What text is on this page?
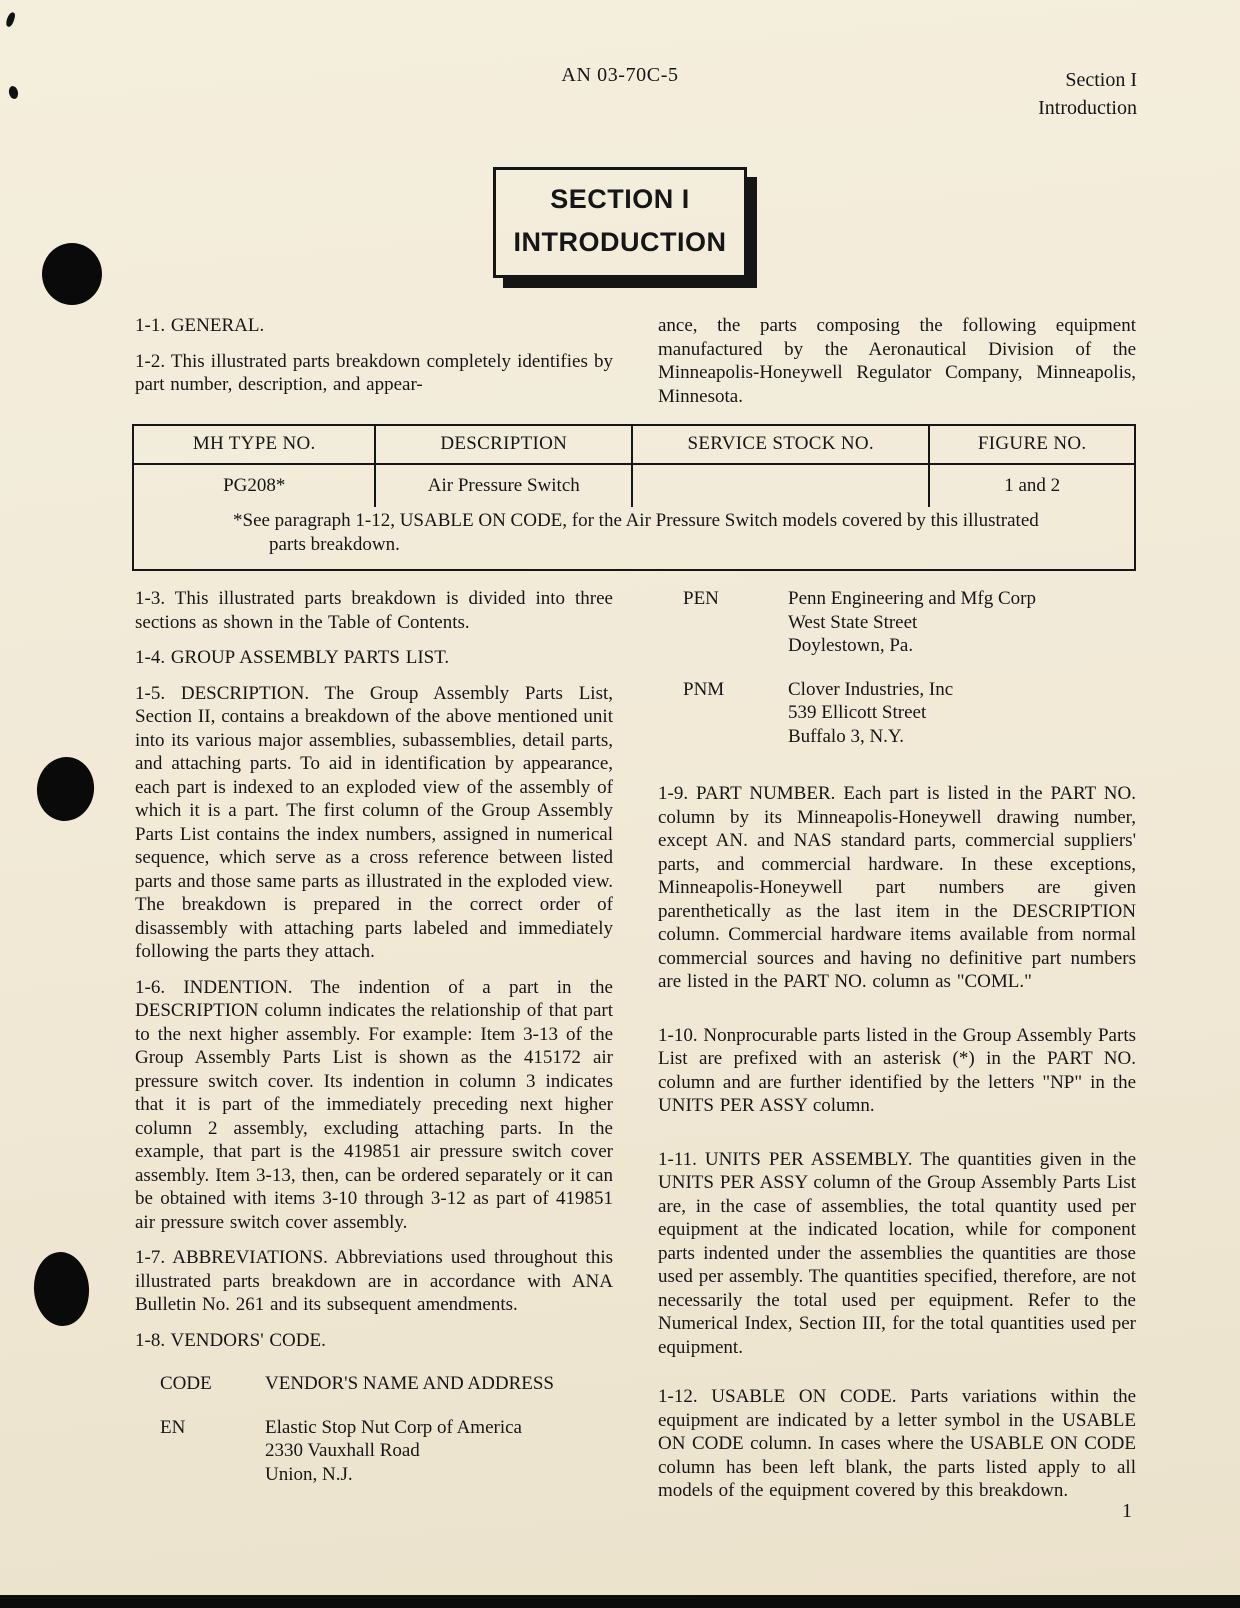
AN 03-70C-5	Section I
Introduction
SECTION I
INTRODUCTION
1-1. GENERAL.
1-2. This illustrated parts breakdown completely identifies by part number, description, and appear-
ance, the parts composing the following equipment manufactured by the Aeronautical Division of the Minneapolis-Honeywell Regulator Company, Minneapolis, Minnesota.
MH TYPE NO.	DESCRIPTION	SERVICE STOCK NO.	FIGURE NO.
PG208*	Air Pressure Switch		1 and 2
*See paragraph 1-12, USABLE ON CODE, for the Air Pressure Switch models covered by this illustrated parts breakdown.			
1-3. This illustrated parts breakdown is divided into three sections as shown in the Table of Contents.
1-4. GROUP ASSEMBLY PARTS LIST.
1-5. DESCRIPTION. The Group Assembly Parts List, Section II, contains a breakdown of the above mentioned unit into its various major assemblies, subassemblies, detail parts, and attaching parts. To aid in identification by appearance, each part is indexed to an exploded view of the assembly of which it is a part. The first column of the Group Assembly Parts List contains the index numbers, assigned in numerical sequence, which serve as a cross reference between listed parts and those same parts as illustrated in the exploded view. The breakdown is prepared in the correct order of disassembly with attaching parts labeled and immediately following the parts they attach.
1-6. INDENTION. The indention of a part in the DESCRIPTION column indicates the relationship of that part to the next higher assembly. For example: Item 3-13 of the Group Assembly Parts List is shown as the 415172 air pressure switch cover. Its indention in column 3 indicates that it is part of the immediately preceding next higher column 2 assembly, excluding attaching parts. In the example, that part is the 419851 air pressure switch cover assembly. Item 3-13, then, can be ordered separately or it can be obtained with items 3-10 through 3-12 as part of 419851 air pressure switch cover assembly.
1-7. ABBREVIATIONS. Abbreviations used throughout this illustrated parts breakdown are in accordance with ANA Bulletin No. 261 and its subsequent amendments.
1-8. VENDORS' CODE.
CODE	VENDOR'S NAME AND ADDRESS
EN	Elastic Stop Nut Corp of America
2330 Vauxhall Road
Union, N.J.
PEN	Penn Engineering and Mfg Corp
West State Street
Doylestown, Pa.
PNM	Clover Industries, Inc
539 Ellicott Street
Buffalo 3, N.Y.
1-9. PART NUMBER. Each part is listed in the PART NO. column by its Minneapolis-Honeywell drawing number, except AN. and NAS standard parts, commercial suppliers' parts, and commercial hardware. In these exceptions, Minneapolis-Honeywell part numbers are given parenthetically as the last item in the DESCRIPTION column. Commercial hardware items available from normal commercial sources and having no definitive part numbers are listed in the PART NO. column as "COML."
1-10. Nonprocurable parts listed in the Group Assembly Parts List are prefixed with an asterisk (*) in the PART NO. column and are further identified by the letters "NP" in the UNITS PER ASSY column.
1-11. UNITS PER ASSEMBLY. The quantities given in the UNITS PER ASSY column of the Group Assembly Parts List are, in the case of assemblies, the total quantity used per equipment at the indicated location, while for component parts indented under the assemblies the quantities are those used per assembly. The quantities specified, therefore, are not necessarily the total used per equipment. Refer to the Numerical Index, Section III, for the total quantities used per equipment.
1-12. USABLE ON CODE. Parts variations within the equipment are indicated by a letter symbol in the USABLE ON CODE column. In cases where the USABLE ON CODE column has been left blank, the parts listed apply to all models of the equipment covered by this breakdown.
1
